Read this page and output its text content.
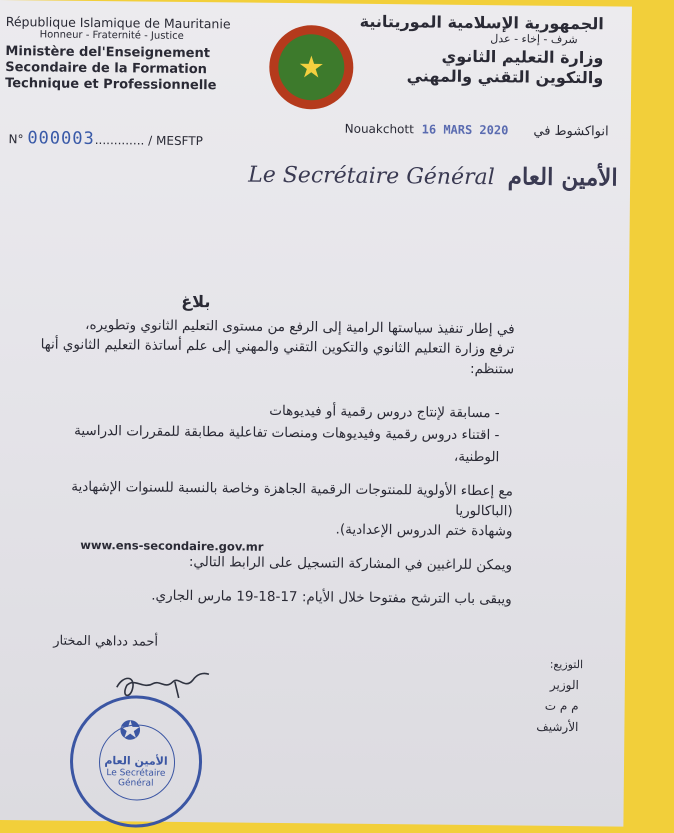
République Islamique de Mauritanie

Honneur - Fraternité - Justice

Ministère del'Enseignement

Secondaire de la Formation

Technique et Professionnelle	★

الجمهورية الإسلامية الموريتانية

شرف - إخاء - عدل

وزارة التعليم الثانوي

والتكوين التقني والمهني

N° 000003............. / MESFTP
Nouakchott 16 MARS 2020 انواكشوط في
Le Secrétaire Général الأمين العام

بلاغ

في إطار تنفيذ سياستها الرامية إلى الرفع من مستوى التعليم الثانوي وتطويره،

ترفع وزارة التعليم الثانوي والتكوين التقني والمهني إلى علم أساتذة التعليم الثانوي أنها

ستنظم:

- مسابقة لإنتاج دروس رقمية أو فيديوهات
- اقتناء دروس رقمية وفيديوهات ومنصات تفاعلية مطابقة للمقررات الدراسية
الوطنية،

مع إعطاء الأولوية للمنتوجات الرقمية الجاهزة وخاصة بالنسبة للسنوات الإشهادية (الباكالوريا

وشهادة ختم الدروس الإعدادية).

ويمكن للراغبين في المشاركة التسجيل على الرابط التالي:

ويبقى باب الترشح مفتوحا خلال الأيام: 17-18-19 مارس الجاري.

www.ens-secondaire.gov.mr
أحمد دداهي المختار
✪
الأمين العام
Le Secrétaire
Général
التوزيع:
الوزير
م م ت
الأرشيف
